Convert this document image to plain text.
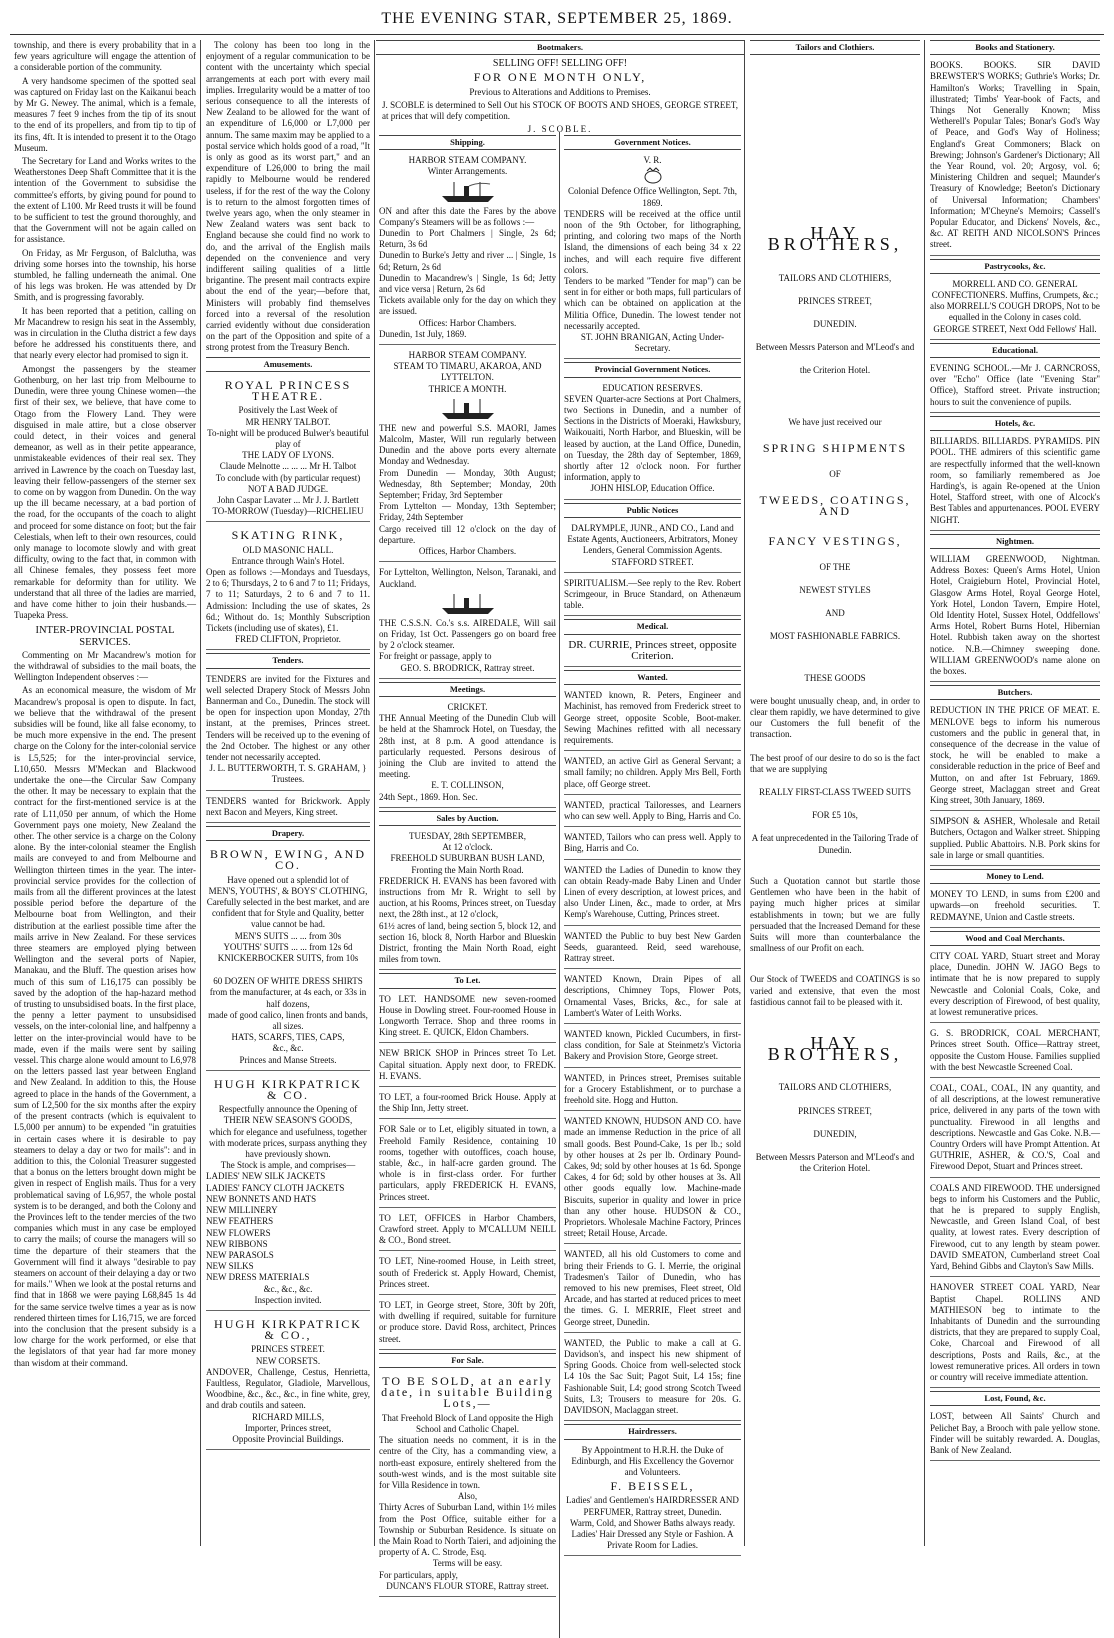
THE EVENING STAR, SEPTEMBER 25, 1869.

township, and there is every probability that in a few years agriculture will engage the attention of a considerable portion of the community.

A very handsome specimen of the spotted seal was captured on Friday last on the Kaikanui beach by Mr G. Newey. The animal, which is a female, measures 7 feet 9 inches from the tip of its snout to the end of its propellers, and from tip to tip of its fins, 4ft. It is intended to present it to the Otago Museum.

The Secretary for Land and Works writes to the Weatherstones Deep Shaft Committee that it is the intention of the Government to subsidise the committee's efforts, by giving pound for pound to the extent of L100. Mr Reed trusts it will be found to be sufficient to test the ground thoroughly, and that the Government will not be again called on for assistance.

On Friday, as Mr Ferguson, of Balclutha, was driving some horses into the township, his horse stumbled, he falling underneath the animal. One of his legs was broken. He was attended by Dr Smith, and is progressing favorably.

It has been reported that a petition, calling on Mr Macandrew to resign his seat in the Assembly, was in circulation in the Clutha district a few days before he addressed his constituents there, and that nearly every elector had promised to sign it.

Amongst the passengers by the steamer Gothenburg, on her last trip from Melbourne to Dunedin, were three young Chinese women—the first of their sex, we believe, that have come to Otago from the Flowery Land. They were disguised in male attire, but a close observer could detect, in their voices and general demeanor, as well as in their petite appearance, unmistakeable evidences of their real sex. They arrived in Lawrence by the coach on Tuesday last, leaving their fellow-passengers of the sterner sex to come on by waggon from Dunedin. On the way up the ill became necessary, at a bad portion of the road, for the occupants of the coach to alight and proceed for some distance on foot; but the fair Celestials, when left to their own resources, could only manage to locomote slowly and with great difficulty, owing to the fact that, in common with all Chinese females, they possess feet more remarkable for deformity than for utility. We understand that all three of the ladies are married, and have come hither to join their husbands.—Tuapeka Press.

INTER-PROVINCIAL POSTAL SERVICES.

Commenting on Mr Macandrew's motion for the withdrawal of subsidies to the mail boats, the Wellington Independent observes :—

As an economical measure, the wisdom of Mr Macandrew's proposal is open to dispute. In fact, we believe that the withdrawal of the present subsidies will be found, like all false economy, to be much more expensive in the end. The present charge on the Colony for the inter-colonial service is L5,525; for the inter-provincial service, L10,650. Messrs M'Meckan and Blackwood undertake the one—the Circular Saw Company the other. It may be necessary to explain that the contract for the first-mentioned service is at the rate of L11,050 per annum, of which the Home Government pays one moiety, New Zealand the other. The other service is a charge on the Colony alone. By the inter-colonial steamer the English mails are conveyed to and from Melbourne and Wellington thirteen times in the year. The inter-provincial service provides for the collection of mails from all the different provinces at the latest possible period before the departure of the Melbourne boat from Wellington, and their distribution at the earliest possible time after the mails arrive in New Zealand. For these services three steamers are employed plying between Wellington and the several ports of Napier, Manakau, and the Bluff. The question arises how much of this sum of L16,175 can possibly be saved by the adoption of the hap-hazard method of trusting to unsubsidised boats. In the first place, the penny a letter payment to unsubsidised vessels, on the inter-colonial line, and halfpenny a letter on the inter-provincial would have to be made, even if the mails were sent by sailing vessel. This charge alone would amount to L6,978 on the letters passed last year between England and New Zealand. In addition to this, the House agreed to place in the hands of the Government, a sum of L2,500 for the six months after the expiry of the present contracts (which is equivalent to L5,000 per annum) to be expended "in gratuities in certain cases where it is desirable to pay steamers to delay a day or two for mails": and in addition to this, the Colonial Treasurer suggested that a bonus on the letters brought down might be given in respect of English mails. Thus for a very problematical saving of L6,957, the whole postal system is to be deranged, and both the Colony and the Provinces left to the tender mercies of the two companies which must in any case be employed to carry the mails; of course the managers will so time the departure of their steamers that the Government will find it always "desirable to pay steamers on account of their delaying a day or two for mails." When we look at the postal returns and find that in 1868 we were paying L68,845 1s 4d for the same service twelve times a year as is now rendered thirteen times for L16,715, we are forced into the conclusion that the present subsidy is a low charge for the work performed, or else that the legislators of that year had far more money than wisdom at their command.

The colony has been too long in the enjoyment of a regular communication to be content with the uncertainty which special arrangements at each port with every mail implies. Irregularity would be a matter of too serious consequence to all the interests of New Zealand to be allowed for the want of an expenditure of L6,000 or L7,000 per annum. The same maxim may be applied to a postal service which holds good of a road, "It is only as good as its worst part," and an expenditure of L26,000 to bring the mail rapidly to Melbourne would be rendered useless, if for the rest of the way the Colony is to return to the almost forgotten times of twelve years ago, when the only steamer in New Zealand waters was sent back to England because she could find no work to do, and the arrival of the English mails depended on the convenience and very indifferent sailing qualities of a little brigantine. The present mail contracts expire about the end of the year;—before that, Ministers will probably find themselves forced into a reversal of the resolution carried evidently without due consideration on the part of the Opposition and spite of a strong protest from the Treasury Bench.

Amusements.
ROYAL PRINCESS THEATRE.
Positively the Last Week of
MR HENRY TALBOT.
To-night will be produced Bulwer's beautiful play of
THE LADY OF LYONS.
Claude Melnotte ... ... ... Mr H. Talbot
To conclude with (by particular request)
NOT A BAD JUDGE.
John Caspar Lavater ... Mr J. J. Bartlett
TO-MORROW (Tuesday)—RICHELIEU
SKATING RINK,
OLD MASONIC HALL.
Entrance through Wain's Hotel.
Open as follows :—Mondays and Tuesdays, 2 to 6; Thursdays, 2 to 6 and 7 to 11; Fridays, 7 to 11; Saturdays, 2 to 6 and 7 to 11. Admission: Including the use of skates, 2s 6d.; Without do. 1s; Monthly Subscription Tickets (including use of skates), £1.
FRED CLIFTON, Proprietor.
Tenders.
TENDERS are invited for the Fixtures and well selected Drapery Stock of Messrs John Bannerman and Co., Dunedin. The stock will be open for inspection upon Monday, 27th instant, at the premises, Princes street. Tenders will be received up to the evening of the 2nd October. The highest or any other tender not necessarily accepted.
J. L. BUTTERWORTH, T. S. GRAHAM, } Trustees.
TENDERS wanted for Brickwork. Apply next Bacon and Meyers, King street.
Drapery.
BROWN, EWING, AND CO.
Have opened out a splendid lot of
MEN'S, YOUTHS', & BOYS' CLOTHING,
Carefully selected in the best market, and are confident that for Style and Quality, better value cannot be had.
MEN'S SUITS ... ... from 30s
YOUTHS' SUITS ... ... from 12s 6d
KNICKERBOCKER SUITS, from 10s
60 DOZEN OF WHITE DRESS SHIRTS
from the manufacturer, at 4s each, or 33s in half dozens,
made of good calico, linen fronts and bands, all sizes.
HATS, SCARFS, TIES, CAPS,
&c., &c.
Princes and Manse Streets.
HUGH KIRKPATRICK & CO.
Respectfully announce the Opening of
THEIR NEW SEASON'S GOODS,
which for elegance and usefulness, together with moderate prices, surpass anything they have previously shown.
The Stock is ample, and comprises—
LADIES' NEW SILK JACKETS
LADIES' FANCY CLOTH JACKETS
NEW BONNETS AND HATS
NEW MILLINERY
NEW FEATHERS
NEW FLOWERS
NEW RIBBONS
NEW PARASOLS
NEW SILKS
NEW DRESS MATERIALS
&c., &c., &c.
Inspection invited.
HUGH KIRKPATRICK & CO.,
PRINCES STREET.
NEW CORSETS.
ANDOVER, Challenge, Cestus, Henrietta, Faultless, Regulator, Gladiole, Marvellous, Woodbine, &c., &c., &c., in fine white, grey, and drab coutils and sateen.
RICHARD MILLS,
Importer, Princes street,
Opposite Provincial Buildings.
Bootmakers.
SELLING OFF! SELLING OFF!
FOR ONE MONTH ONLY,
Previous to Alterations and Additions to Premises.
J. SCOBLE is determined to Sell Out his STOCK OF BOOTS AND SHOES, GEORGE STREET, at prices that will defy competition.
J. SCOBLE.
Shipping.
HARBOR STEAM COMPANY.
Winter Arrangements.
ON and after this date the Fares by the above Company's Steamers will be as follows :—
Dunedin to Port Chalmers | Single, 2s 6d; Return, 3s 6d
Dunedin to Burke's Jetty and river ... | Single, 1s 6d; Return, 2s 6d
Dunedin to Macandrew's | Single, 1s 6d; Jetty and vice versa | Return, 2s 6d
Tickets available only for the day on which they are issued.
Offices: Harbor Chambers.
Dunedin, 1st July, 1869.
HARBOR STEAM COMPANY.
STEAM TO TIMARU, AKAROA, AND LYTTELTON.
THRICE A MONTH.
THE new and powerful S.S. MAORI, James Malcolm, Master, Will run regularly between Dunedin and the above ports every alternate Monday and Wednesday.
From Dunedin — Monday, 30th August; Wednesday, 8th September; Monday, 20th September; Friday, 3rd September
From Lyttelton — Monday, 13th September; Friday, 24th September
Cargo received till 12 o'clock on the day of departure.
Offices, Harbor Chambers.
For Lyttelton, Wellington, Nelson, Taranaki, and Auckland.
THE C.S.S.N. Co.'s s.s. AIREDALE, Will sail on Friday, 1st Oct. Passengers go on board free by 2 o'clock steamer.
For freight or passage, apply to
GEO. S. BRODRICK, Rattray street.
Meetings.
CRICKET.
THE Annual Meeting of the Dunedin Club will be held at the Shamrock Hotel, on Tuesday, the 28th inst, at 8 p.m. A good attendance is particularly requested. Persons desirous of joining the Club are invited to attend the meeting.
E. T. COLLINSON,
24th Sept., 1869. Hon. Sec.
Sales by Auction.
TUESDAY, 28th SEPTEMBER,
At 12 o'clock.
FREEHOLD SUBURBAN BUSH LAND, Fronting the Main North Road.
FREDERICK H. EVANS has been favored with instructions from Mr R. Wright to sell by auction, at his Rooms, Princes street, on Tuesday next, the 28th inst., at 12 o'clock,
61½ acres of land, being section 5, block 12, and section 16, block 8, North Harbor and Blueskin District, fronting the Main North Road, eight miles from town.
To Let.
TO LET. HANDSOME new seven-roomed House in Dowling street. Four-roomed House in Longworth Terrace. Shop and three rooms in King street. E. QUICK, Eldon Chambers.
NEW BRICK SHOP in Princes street To Let. Capital situation. Apply next door, to FREDK. H. EVANS.
TO LET, a four-roomed Brick House. Apply at the Ship Inn, Jetty street.
FOR Sale or to Let, eligibly situated in town, a Freehold Family Residence, containing 10 rooms, together with outoffices, coach house, stable, &c., in half-acre garden ground. The whole is in first-class order. For further particulars, apply FREDERICK H. EVANS, Princes street.
TO LET, OFFICES in Harbor Chambers, Crawford street. Apply to M'CALLUM NEILL & CO., Bond street.
TO LET, Nine-roomed House, in Leith street, south of Frederick st. Apply Howard, Chemist, Princes street.
TO LET, in George street, Store, 30ft by 20ft, with dwelling if required, suitable for furniture or produce store. David Ross, architect, Princes street.
For Sale.
TO BE SOLD, at an early date, in suitable Building Lots,—
That Freehold Block of Land opposite the High School and Catholic Chapel.
The situation needs no comment, it is in the centre of the City, has a commanding view, a north-east exposure, entirely sheltered from the south-west winds, and is the most suitable site for Villa Residence in town.
Also,
Thirty Acres of Suburban Land, within 1½ miles from the Post Office, suitable either for a Township or Suburban Residence. Is situate on the Main Road to North Taieri, and adjoining the property of A. C. Strode, Esq.
Terms will be easy.
For particulars, apply,
DUNCAN'S FLOUR STORE, Rattray street.
Government Notices.
V. R.
Colonial Defence Office Wellington, Sept. 7th, 1869.
TENDERS will be received at the office until noon of the 9th October, for lithographing, printing, and coloring two maps of the North Island, the dimensions of each being 34 x 22 inches, and will each require five different colors.
Tenders to be marked "Tender for map") can be sent in for either or both maps, full particulars of which can be obtained on application at the Militia Office, Dunedin. The lowest tender not necessarily accepted.
ST. JOHN BRANIGAN, Acting Under-Secretary.
Provincial Government Notices.
EDUCATION RESERVES.
SEVEN Quarter-acre Sections at Port Chalmers, two Sections in Dunedin, and a number of Sections in the Districts of Moeraki, Hawksbury, Waikouaiti, North Harbor, and Blueskin, will be leased by auction, at the Land Office, Dunedin, on Tuesday, the 28th day of September, 1869, shortly after 12 o'clock noon. For further information, apply to
JOHN HISLOP, Education Office.
Public Notices
DALRYMPLE, JUNR., AND CO., Land and Estate Agents, Auctioneers, Arbitrators, Money Lenders, General Commission Agents. STAFFORD STREET.
SPIRITUALISM.—See reply to the Rev. Robert Scrimgeour, in Bruce Standard, on Athenæum table.
Medical.
DR. CURRIE, Princes street, opposite Criterion.
Wanted.
WANTED known, R. Peters, Engineer and Machinist, has removed from Frederick street to George street, opposite Scoble, Boot-maker. Sewing Machines refitted with all necessary requirements.
WANTED, an active Girl as General Servant; a small family; no children. Apply Mrs Bell, Forth place, off George street.
WANTED, practical Tailoresses, and Learners who can sew well. Apply to Bing, Harris and Co.
WANTED, Tailors who can press well. Apply to Bing, Harris and Co.
WANTED the Ladies of Dunedin to know they can obtain Ready-made Baby Linen and Under Linen of every description, at lowest prices, and also Under Linen, &c., made to order, at Mrs Kemp's Warehouse, Cutting, Princes street.
WANTED the Public to buy best New Garden Seeds, guaranteed. Reid, seed warehouse, Rattray street.
WANTED Known, Drain Pipes of all descriptions, Chimney Tops, Flower Pots, Ornamental Vases, Bricks, &c., for sale at Lambert's Water of Leith Works.
WANTED known, Pickled Cucumbers, in first-class condition, for Sale at Steinmetz's Victoria Bakery and Provision Store, George street.
WANTED, in Princes street, Premises suitable for a Grocery Establishment, or to purchase a freehold site. Hogg and Hutton.
WANTED KNOWN, HUDSON AND CO. have made an immense Reduction in the price of all small goods. Best Pound-Cake, 1s per lb.; sold by other houses at 2s per lb. Ordinary Pound-Cakes, 9d; sold by other houses at 1s 6d. Sponge Cakes, 4 for 6d; sold by other houses at 3s. All other goods equally low. Machine-made Biscuits, superior in quality and lower in price than any other house. HUDSON & CO., Proprietors. Wholesale Machine Factory, Princes street; Retail House, Arcade.
WANTED, all his old Customers to come and bring their Friends to G. I. Merrie, the original Tradesmen's Tailor of Dunedin, who has removed to his new premises, Fleet street, Old Arcade, and has started at reduced prices to meet the times. G. I. MERRIE, Fleet street and George street, Dunedin.
WANTED, the Public to make a call at G. Davidson's, and inspect his new shipment of Spring Goods. Choice from well-selected stock L4 10s the Sac Suit; Pagot Suit, L4 15s; fine Fashionable Suit, L4; good strong Scotch Tweed Suits, L3; Trousers to measure for 20s. G. DAVIDSON, Maclaggan street.
Hairdressers.
By Appointment to H.R.H. the Duke of Edinburgh, and His Excellency the Governor and Volunteers.
F. BEISSEL,
Ladies' and Gentlemen's HAIRDRESSER AND PERFUMER, Rattray street, Dunedin.
Warm, Cold, and Shower Baths always ready.
Ladies' Hair Dressed any Style or Fashion. A Private Room for Ladies.
Tailors and Clothiers.
HAY BROTHERS,
TAILORS AND CLOTHIERS,
PRINCES STREET,
DUNEDIN.
Between Messrs Paterson and M'Leod's and
the Criterion Hotel.
We have just received our
SPRING SHIPMENTS
OF
TWEEDS, COATINGS, AND
FANCY VESTINGS,
OF THE
NEWEST STYLES
AND
MOST FASHIONABLE FABRICS.
THESE GOODS
were bought unusually cheap, and, in order to clear them rapidly, we have determined to give our Customers the full benefit of the transaction.
The best proof of our desire to do so is the fact that we are supplying
REALLY FIRST-CLASS TWEED SUITS
FOR £5 10s,
A feat unprecedented in the Tailoring Trade of Dunedin.
Such a Quotation cannot but startle those Gentlemen who have been in the habit of paying much higher prices at similar establishments in town; but we are fully persuaded that the Increased Demand for these Suits will more than counterbalance the smallness of our Profit on each.
Our Stock of TWEEDS and COATINGS is so varied and extensive, that even the most fastidious cannot fail to be pleased with it.
HAY BROTHERS,
TAILORS AND CLOTHIERS,
PRINCES STREET,
DUNEDIN,
Between Messrs Paterson and M'Leod's and
the Criterion Hotel.
Books and Stationery.
BOOKS. BOOKS. SIR DAVID BREWSTER'S WORKS; Guthrie's Works; Dr. Hamilton's Works; Travelling in Spain, illustrated; Timbs' Year-book of Facts, and Things Not Generally Known; Miss Wetherell's Popular Tales; Bonar's God's Way of Peace, and God's Way of Holiness; England's Great Commoners; Black on Brewing; Johnson's Gardener's Dictionary; All the Year Round, vol. 20; Argosy, vol. 6; Ministering Children and sequel; Maunder's Treasury of Knowledge; Beeton's Dictionary of Universal Information; Chambers' Information; M'Cheyne's Memoirs; Cassell's Popular Educator, and Dickens' Novels, &c., &c. AT REITH AND NICOLSON'S Princes street.
Pastrycooks, &c.
MORRELL AND CO. GENERAL CONFECTIONERS. Muffins, Crumpets, &c.; also MORRELL'S COUGH DROPS, Not to be equalled in the Colony in cases cold. GEORGE STREET, Next Odd Fellows' Hall.
Educational.
EVENING SCHOOL.—Mr J. CARNCROSS, over "Echo" Office (late "Evening Star" Office), Stafford street. Private instruction; hours to suit the convenience of pupils.
Hotels, &c.
BILLIARDS. BILLIARDS. PYRAMIDS. PIN POOL. THE admirers of this scientific game are respectfully informed that the well-known room, so familiarly remembered as Joe Harding's, is again Re-opened at the Union Hotel, Stafford street, with one of Alcock's Best Tables and appurtenances. POOL EVERY NIGHT.
Nightmen.
WILLIAM GREENWOOD, Nightman. Address Boxes: Queen's Arms Hotel, Union Hotel, Craigieburn Hotel, Provincial Hotel, Glasgow Arms Hotel, Royal George Hotel, York Hotel, London Tavern, Empire Hotel, Old Identity Hotel, Sussex Hotel, Oddfellows' Arms Hotel, Robert Burns Hotel, Hibernian Hotel. Rubbish taken away on the shortest notice. N.B.—Chimney sweeping done. WILLIAM GREENWOOD's name alone on the boxes.
Butchers.
REDUCTION IN THE PRICE OF MEAT. E. MENLOVE begs to inform his numerous customers and the public in general that, in consequence of the decrease in the value of stock, he will be enabled to make a considerable reduction in the price of Beef and Mutton, on and after 1st February, 1869. George street, Maclaggan street and Great King street, 30th January, 1869.
SIMPSON & ASHER, Wholesale and Retail Butchers, Octagon and Walker street. Shipping supplied. Public Abattoirs. N.B. Pork skins for sale in large or small quantities.
Money to Lend.
MONEY TO LEND, in sums from £200 and upwards—on freehold securities. T. REDMAYNE, Union and Castle streets.
Wood and Coal Merchants.
CITY COAL YARD, Stuart street and Moray place, Dunedin. JOHN W. JAGO Begs to intimate that he is now prepared to supply Newcastle and Colonial Coals, Coke, and every description of Firewood, of best quality, at lowest remunerative prices.
G. S. BRODRICK, COAL MERCHANT, Princes street South. Office—Rattray street, opposite the Custom House. Families supplied with the best Newcastle Screened Coal.
COAL, COAL, COAL, IN any quantity, and of all descriptions, at the lowest remunerative price, delivered in any parts of the town with punctuality. Firewood in all lengths and descriptions. Newcastle and Gas Coke. N.B.—Country Orders will have Prompt Attention. At GUTHRIE, ASHER, & CO.'S, Coal and Firewood Depot, Stuart and Princes street.
COALS AND FIREWOOD. THE undersigned begs to inform his Customers and the Public, that he is prepared to supply English, Newcastle, and Green Island Coal, of best quality, at lowest rates. Every description of Firewood, cut to any length by steam power. DAVID SMEATON, Cumberland street Coal Yard, Behind Gibbs and Clayton's Saw Mills.
HANOVER STREET COAL YARD, Near Baptist Chapel. ROLLINS AND MATHIESON beg to intimate to the Inhabitants of Dunedin and the surrounding districts, that they are prepared to supply Coal, Coke, Charcoal and Firewood of all descriptions, Posts and Rails, &c., at the lowest remunerative prices. All orders in town or country will receive immediate attention.
Lost, Found, &c.
LOST, between All Saints' Church and Pelichet Bay, a Brooch with pale yellow stone. Finder will be suitably rewarded. A. Douglas, Bank of New Zealand.
